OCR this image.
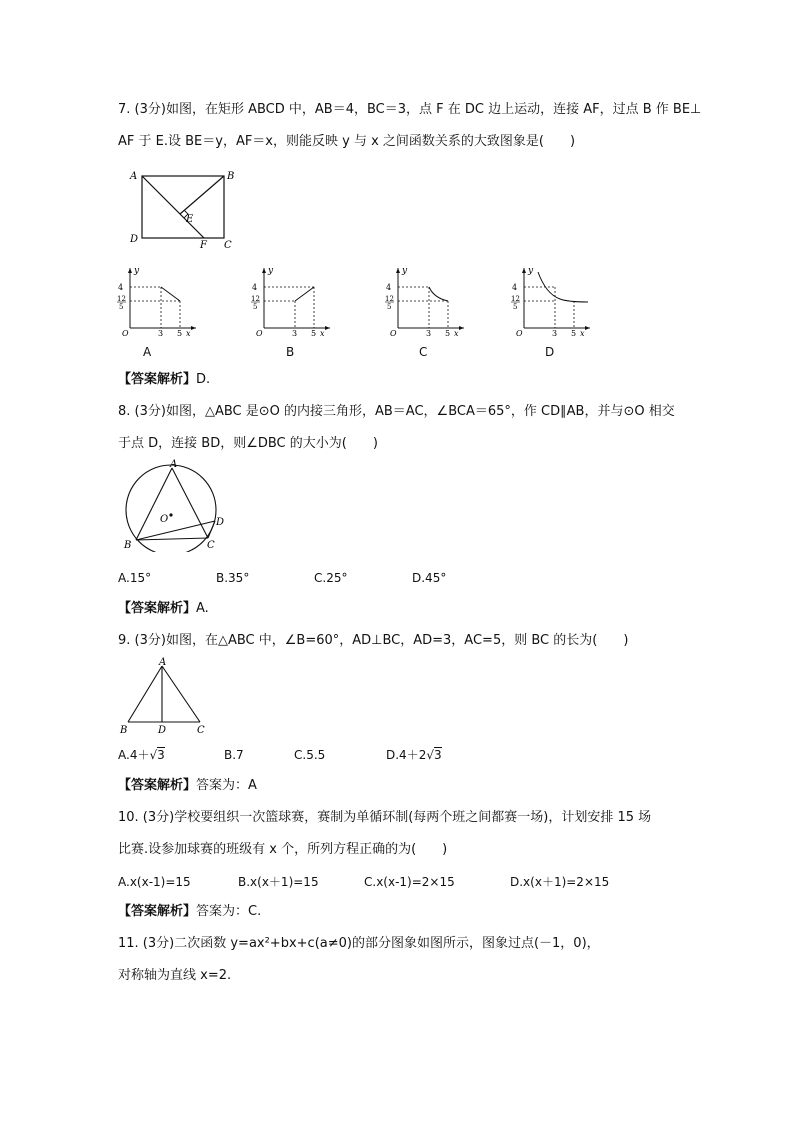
7. (3分)如图，在矩形 ABCD 中，AB＝4，BC＝3，点 F 在 DC 边上运动，连接 AF，过点 B 作 BE⊥
AF 于 E.设 BE＝y，AF＝x，则能反映 y 与 x 之间函数关系的大致图象是(　　)
A	B
D
C
E
F
y
4
12
5
O	3 5 x
y
4
12
5
O	3 5 x
y
4
12
5
O	3 5 x
y
4
12
5
O	3 5 x
A	B	C	D
【答案解析】D.
8. (3分)如图，△ABC 是⊙O 的内接三角形，AB＝AC，∠BCA＝65°，作 CD∥AB，并与⊙O 相交
于点 D，连接 BD，则∠DBC 的大小为(　　)
A
B	C
D
O
A.15°	B.35°	C.25°	D.45°
【答案解析】A.
9. (3分)如图，在△ABC 中，∠B=60°，AD⊥BC，AD=3，AC=5，则 BC 的长为(　　)
A
B	D	C
A.4＋√3	B.7	C.5.5	D.4＋2√3
【答案解析】答案为：A
10. (3分)学校要组织一次篮球赛，赛制为单循环制(每两个班之间都赛一场)，计划安排 15 场
比赛.设参加球赛的班级有 x 个，所列方程正确的为(　　)
A.x(x-1)=15	B.x(x＋1)=15	C.x(x-1)=2×15	D.x(x＋1)=2×15
【答案解析】答案为：C.
11. (3分)二次函数 y=ax²+bx+c(a≠0)的部分图象如图所示，图象过点(－1，0)，
对称轴为直线 x=2.
